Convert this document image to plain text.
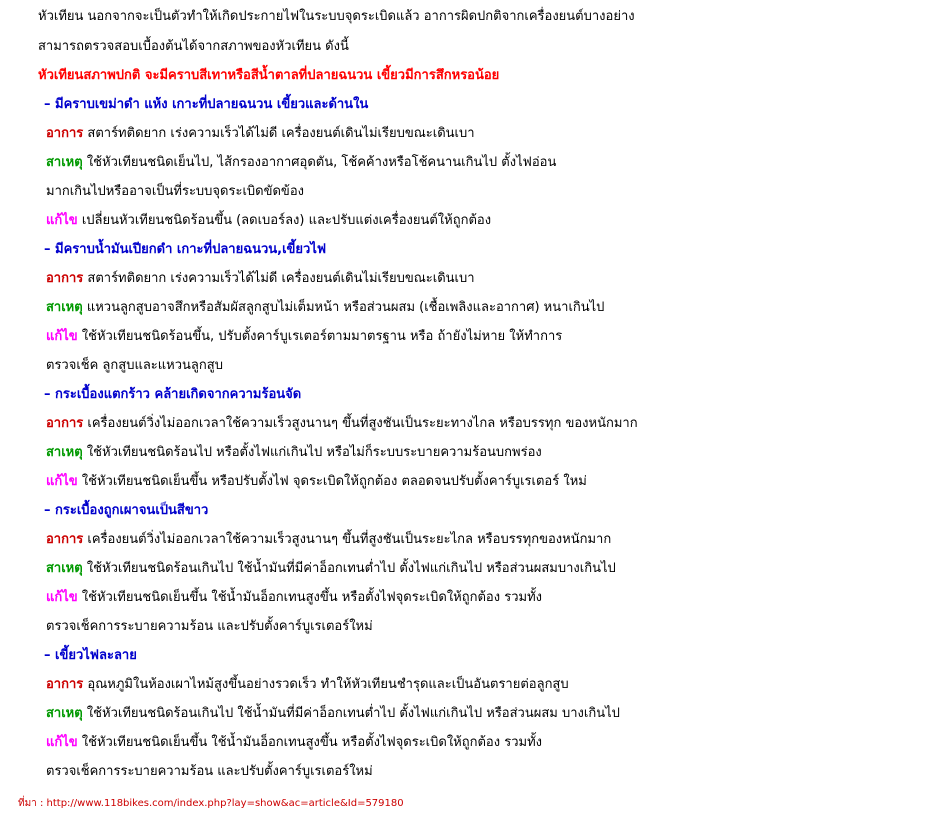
หัวเทียน นอกจากจะเป็นตัวทำให้เกิดประกายไฟในระบบจุดระเบิดแล้ว อาการผิดปกติจากเครื่องยนต์บางอย่าง
สามารถตรวจสอบเบื้องต้นได้จากสภาพของหัวเทียน ดังนี้
หัวเทียนสภาพปกติ จะมีคราบสีเทาหรือสีน้ำตาลที่ปลายฉนวน เขี้ยวมีการสึกหรอน้อย
– มีคราบเขม่าดำ แห้ง เกาะที่ปลายฉนวน เขี้ยวและด้านใน
อาการ สตาร์ทติดยาก เร่งความเร็วได้ไม่ดี เครื่องยนต์เดินไม่เรียบขณะเดินเบา
สาเหตุ ใช้หัวเทียนชนิดเย็นไป, ไส้กรองอากาศอุดตัน, โช้คค้างหรือโช้คนานเกินไป ตั้งไฟอ่อน
มากเกินไปหรืออาจเป็นที่ระบบจุดระเบิดขัดข้อง
แก้ไข เปลี่ยนหัวเทียนชนิดร้อนขึ้น (ลดเบอร์ลง) และปรับแต่งเครื่องยนต์ให้ถูกต้อง
– มีคราบน้ำมันเปียกดำ เกาะที่ปลายฉนวน,เขี้ยวไฟ
อาการ สตาร์ทติดยาก เร่งความเร็วได้ไม่ดี เครื่องยนต์เดินไม่เรียบขณะเดินเบา
สาเหตุ แหวนลูกสูบอาจสึกหรือสัมผัสลูกสูบไม่เต็มหน้า หรือส่วนผสม (เชื้อเพลิงและอากาศ) หนาเกินไป
แก้ไข ใช้หัวเทียนชนิดร้อนขึ้น, ปรับตั้งคาร์บูเรเตอร์ตามมาตรฐาน หรือ ถ้ายังไม่หาย ให้ทำการ
ตรวจเช็ค ลูกสูบและแหวนลูกสูบ
– กระเบื้องแตกร้าว คล้ายเกิดจากความร้อนจัด
อาการ เครื่องยนต์วิ่งไม่ออกเวลาใช้ความเร็วสูงนานๆ ขึ้นที่สูงชันเป็นระยะทางไกล หรือบรรทุก ของหนักมาก
สาเหตุ ใช้หัวเทียนชนิดร้อนไป หรือตั้งไฟแก่เกินไป หรือไม่ก็ระบบระบายความร้อนบกพร่อง
แก้ไข ใช้หัวเทียนชนิดเย็นขึ้น หรือปรับตั้งไฟ จุดระเบิดให้ถูกต้อง ตลอดจนปรับตั้งคาร์บูเรเตอร์ ใหม่
– กระเบื้องถูกเผาจนเป็นสีขาว
อาการ เครื่องยนต์วิ่งไม่ออกเวลาใช้ความเร็วสูงนานๆ ขึ้นที่สูงชันเป็นระยะไกล หรือบรรทุกของหนักมาก
สาเหตุ ใช้หัวเทียนชนิดร้อนเกินไป ใช้น้ำมันที่มีค่าอ็อกเทนต่ำไป ตั้งไฟแก่เกินไป หรือส่วนผสมบางเกินไป
แก้ไข ใช้หัวเทียนชนิดเย็นขึ้น ใช้น้ำมันอ็อกเทนสูงขึ้น หรือตั้งไฟจุดระเบิดให้ถูกต้อง รวมทั้ง
ตรวจเช็คการระบายความร้อน และปรับตั้งคาร์บูเรเตอร์ใหม่
– เขี้ยวไฟละลาย
อาการ อุณหภูมิในห้องเผาไหม้สูงขึ้นอย่างรวดเร็ว ทำให้หัวเทียนชำรุดและเป็นอันตรายต่อลูกสูบ
สาเหตุ ใช้หัวเทียนชนิดร้อนเกินไป ใช้น้ำมันที่มีค่าอ็อกเทนต่ำไป ตั้งไฟแก่เกินไป หรือส่วนผสม บางเกินไป
แก้ไข ใช้หัวเทียนชนิดเย็นขึ้น ใช้น้ำมันอ็อกเทนสูงขึ้น หรือตั้งไฟจุดระเบิดให้ถูกต้อง รวมทั้ง
ตรวจเช็คการระบายความร้อน และปรับตั้งคาร์บูเรเตอร์ใหม่
ที่มา : http://www.118bikes.com/index.php?lay=show&ac=article&Id=579180
